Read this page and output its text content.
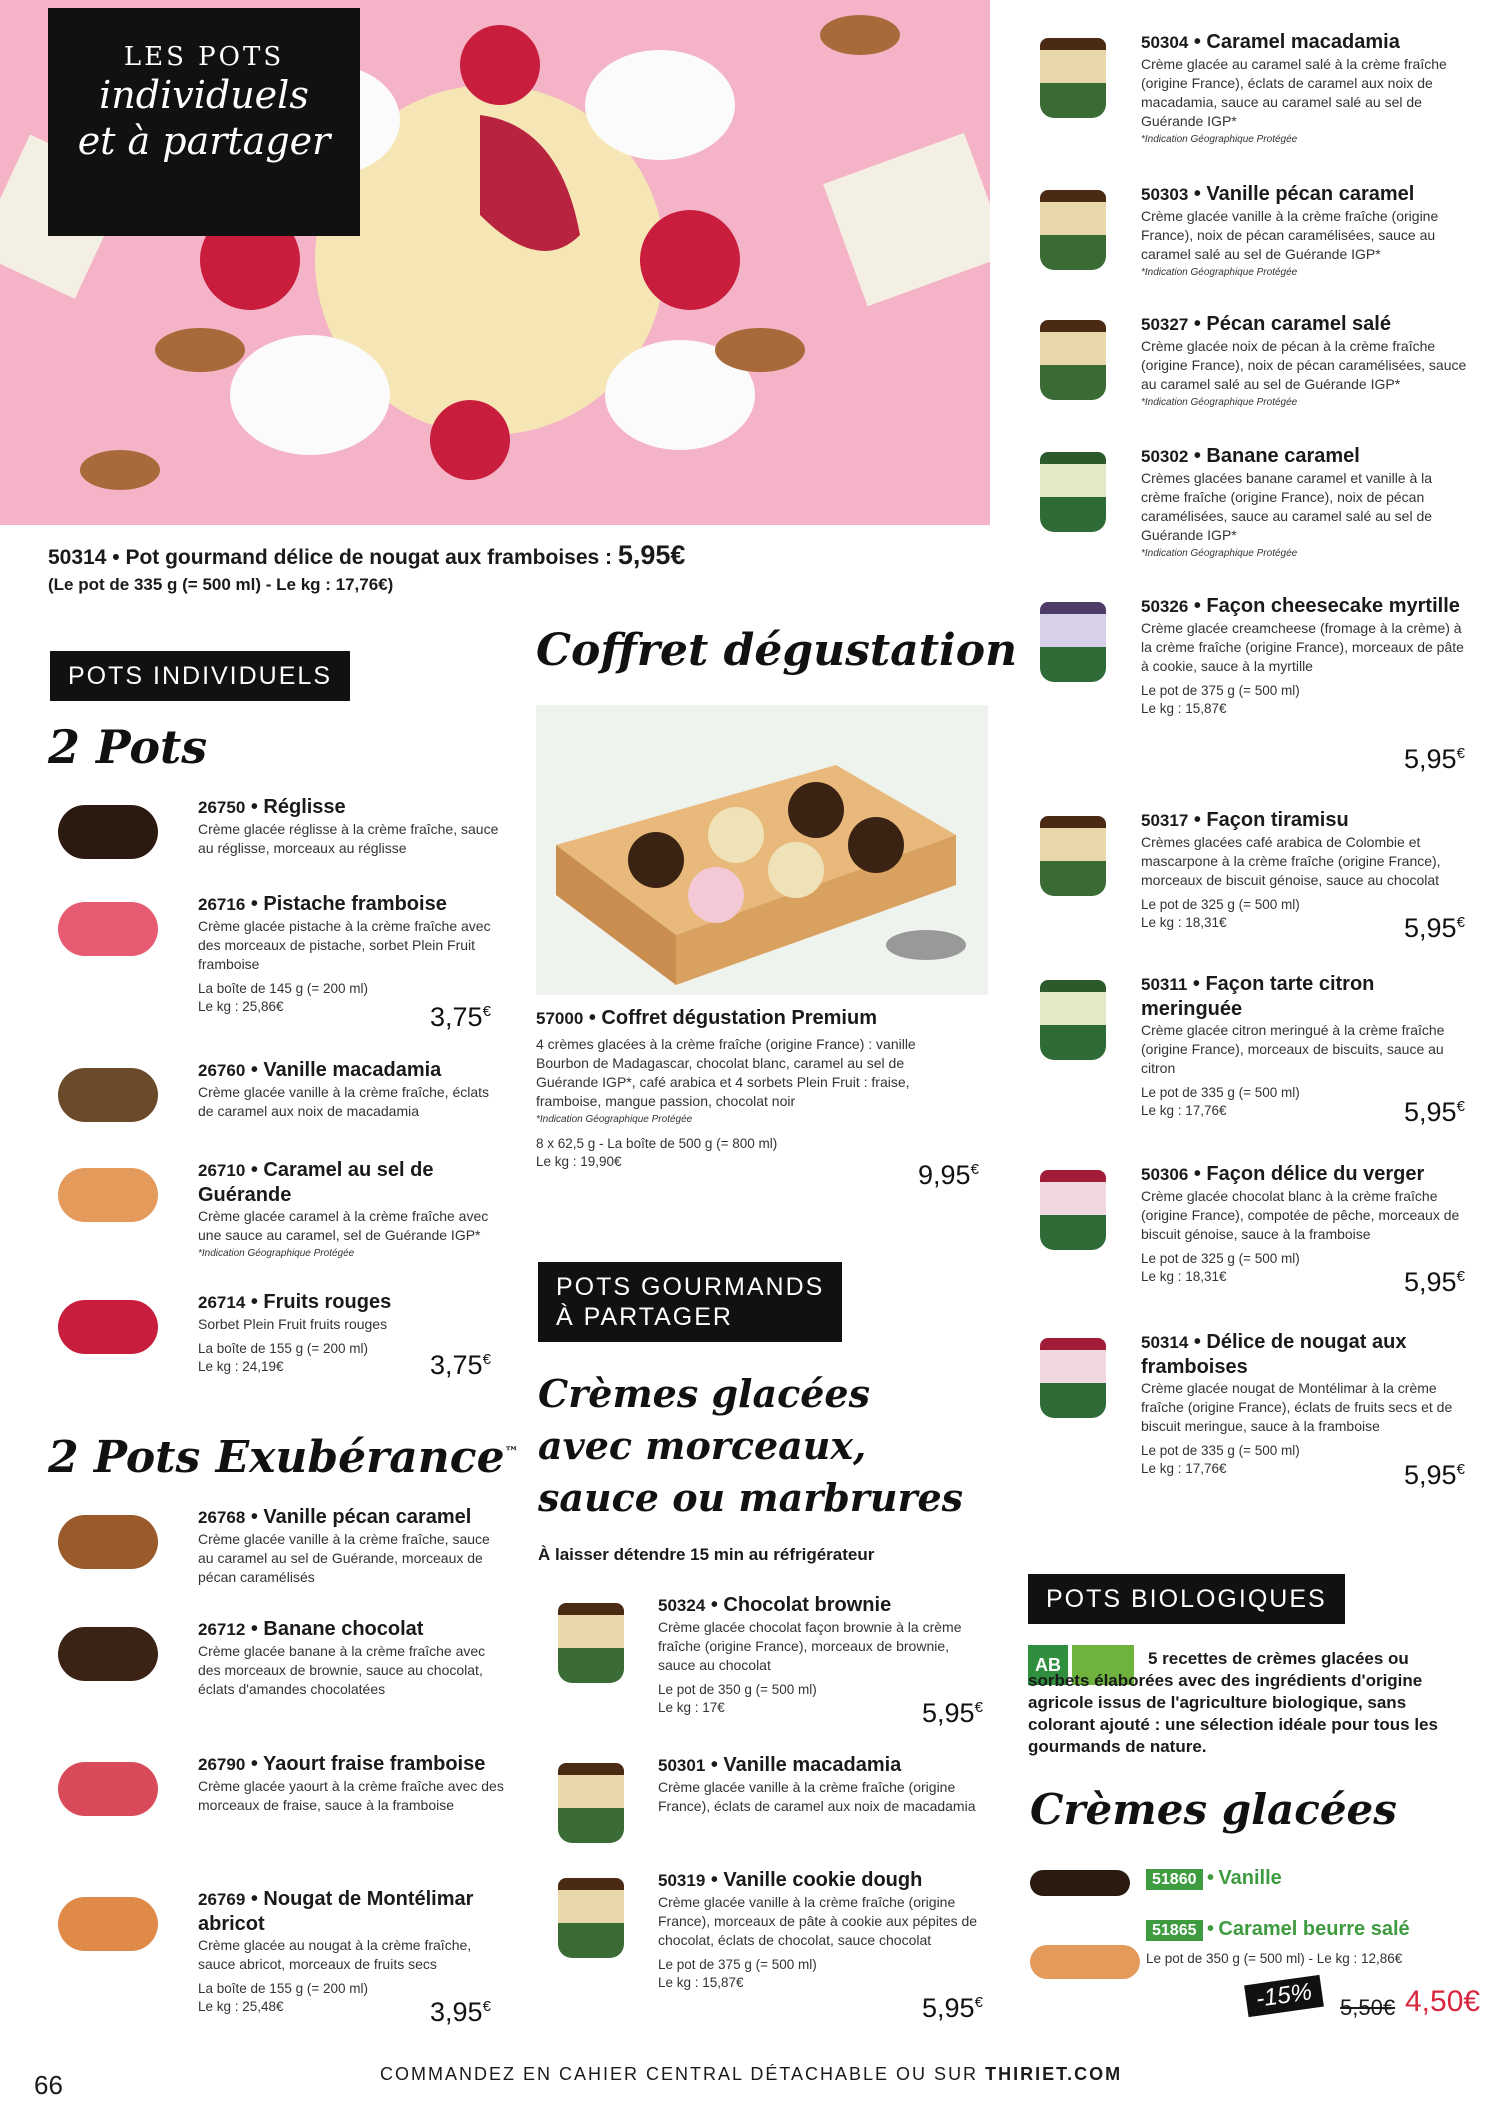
LES POTS
individuels
et à partager
50314 • Pot gourmand délice de nougat aux framboises : 5,95€
(Le pot de 335 g (= 500 ml) - Le kg : 17,76€)
POTS INDIVIDUELS
2 Pots
26750 • Réglisse
Crème glacée réglisse à la crème fraîche, sauce au réglisse, morceaux au réglisse
26716 • Pistache framboise
Crème glacée pistache à la crème fraîche avec des morceaux de pistache, sorbet Plein Fruit framboise
La boîte de 145 g (= 200 ml)
Le kg : 25,86€	3,75€
26760 • Vanille macadamia
Crème glacée vanille à la crème fraîche, éclats de caramel aux noix de macadamia
26710 • Caramel au sel de Guérande
Crème glacée caramel à la crème fraîche avec une sauce au caramel, sel de Guérande IGP*
*Indication Géographique Protégée
26714 • Fruits rouges
Sorbet Plein Fruit fruits rouges
La boîte de 155 g (= 200 ml)
Le kg : 24,19€	3,75€
26768 • Vanille pécan caramel
Crème glacée vanille à la crème fraîche, sauce au caramel au sel de Guérande, morceaux de pécan caramélisés
26712 • Banane chocolat
Crème glacée banane à la crème fraîche avec des morceaux de brownie, sauce au chocolat, éclats d'amandes chocolatées
26790 • Yaourt fraise framboise
Crème glacée yaourt à la crème fraîche avec des morceaux de fraise, sauce à la framboise
26769 • Nougat de Montélimar abricot
Crème glacée au nougat à la crème fraîche, sauce abricot, morceaux de fruits secs
La boîte de 155 g (= 200 ml)
Le kg : 25,48€	3,95€
2 Pots Exubérance™
Coffret dégustation
57000 • Coffret dégustation Premium
4 crèmes glacées à la crème fraîche (origine France) : vanille Bourbon de Madagascar, chocolat blanc, caramel au sel de Guérande IGP*, café arabica et 4 sorbets Plein Fruit : fraise, framboise, mangue passion, chocolat noir
*Indication Géographique Protégée
8 x 62,5 g - La boîte de 500 g (= 800 ml)
Le kg : 19,90€	9,95€
POTS GOURMANDS
À PARTAGER
Crèmes glacées
avec morceaux,
sauce ou marbrures
À laisser détendre 15 min au réfrigérateur
50324 • Chocolat brownie
Crème glacée chocolat façon brownie à la crème fraîche (origine France), morceaux de brownie, sauce au chocolat
Le pot de 350 g (= 500 ml)
Le kg : 17€	5,95€
50301 • Vanille macadamia
Crème glacée vanille à la crème fraîche (origine France), éclats de caramel aux noix de macadamia
50319 • Vanille cookie dough
Crème glacée vanille à la crème fraîche (origine France), morceaux de pâte à cookie aux pépites de chocolat, éclats de chocolat, sauce chocolat
Le pot de 375 g (= 500 ml)
Le kg : 15,87€
5,95€
50304 • Caramel macadamia
Crème glacée au caramel salé à la crème fraîche (origine France), éclats de caramel aux noix de macadamia, sauce au caramel salé au sel de Guérande IGP*
*Indication Géographique Protégée
50303 • Vanille pécan caramel
Crème glacée vanille à la crème fraîche (origine France), noix de pécan caramélisées, sauce au caramel salé au sel de Guérande IGP*
*Indication Géographique Protégée
50327 • Pécan caramel salé
Crème glacée noix de pécan à la crème fraîche (origine France), noix de pécan caramélisées, sauce au caramel salé au sel de Guérande IGP*
*Indication Géographique Protégée
50302 • Banane caramel
Crèmes glacées banane caramel et vanille à la crème fraîche (origine France), noix de pécan caramélisées, sauce au caramel salé au sel de Guérande IGP*
*Indication Géographique Protégée
50326 • Façon cheesecake myrtille
Crème glacée creamcheese (fromage à la crème) à la crème fraîche (origine France), morceaux de pâte à cookie, sauce à la myrtille
Le pot de 375 g (= 500 ml)
Le kg : 15,87€
5,95€
50317 • Façon tiramisu
Crèmes glacées café arabica de Colombie et mascarpone à la crème fraîche (origine France), morceaux de biscuit génoise, sauce au chocolat
Le pot de 325 g (= 500 ml)
Le kg : 18,31€	5,95€
50311 • Façon tarte citron meringuée
Crème glacée citron meringué à la crème fraîche (origine France), morceaux de biscuits, sauce au citron
Le pot de 335 g (= 500 ml)
Le kg : 17,76€	5,95€
50306 • Façon délice du verger
Crème glacée chocolat blanc à la crème fraîche (origine France), compotée de pêche, morceaux de biscuit génoise, sauce à la framboise
Le pot de 325 g (= 500 ml)
Le kg : 18,31€	5,95€
50314 • Délice de nougat aux framboises
Crème glacée nougat de Montélimar à la crème fraîche (origine France), éclats de fruits secs et de biscuit meringue, sauce à la framboise
Le pot de 335 g (= 500 ml)
Le kg : 17,76€	5,95€
POTS BIOLOGIQUES
AB	5 recettes de crèmes glacées ou sorbets élaborées avec des ingrédients d'origine agricole issus de l'agriculture biologique, sans colorant ajouté : une sélection idéale pour tous les gourmands de nature.
Crèmes glacées
51860 • Vanille
51865 • Caramel beurre salé
Le pot de 350 g (= 500 ml) - Le kg : 12,86€
-15%	5,50€ 4,50€
COMMANDEZ EN CAHIER CENTRAL DÉTACHABLE OU SUR THIRIET.COM
66
